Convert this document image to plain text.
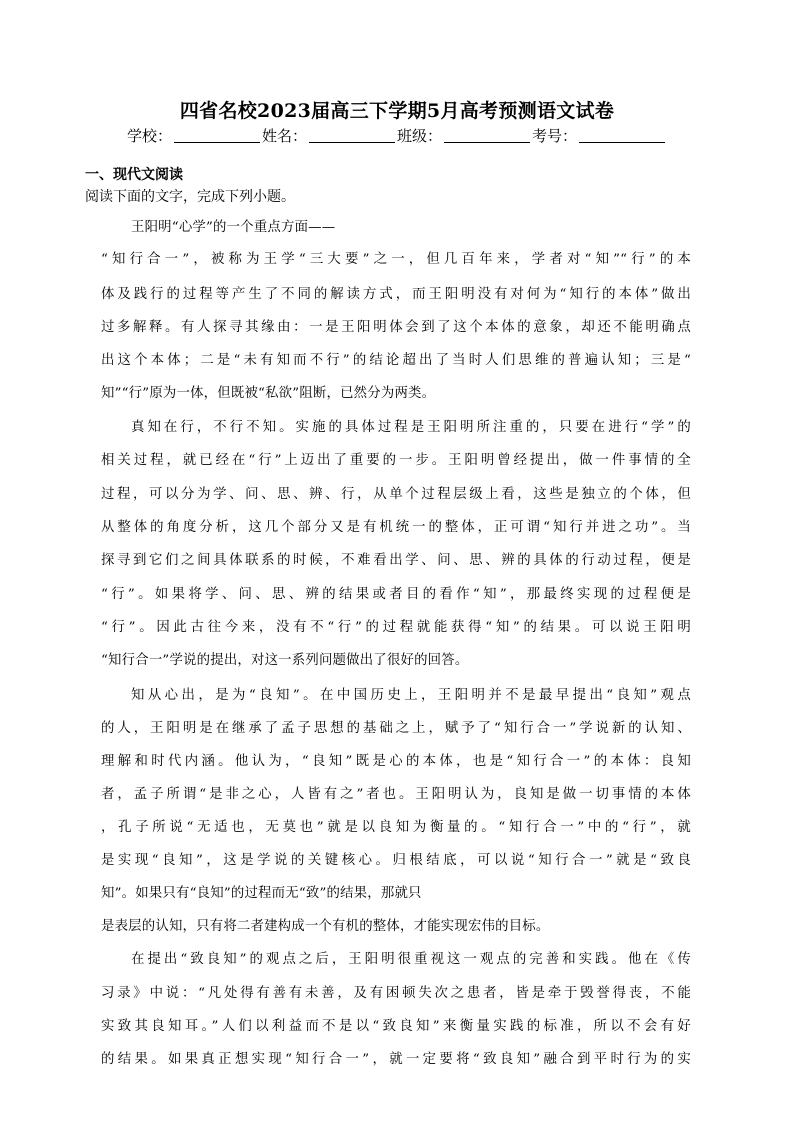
四省名校2023届高三下学期5月高考预测语文试卷
学校：	姓名：	班级：	考号：
一、现代文阅读
阅读下面的文字，完成下列小题。
王阳明“心学”的一个重点方面——
“知行合一”，被称为王学“三大要”之一，但几百年来，学者对“知”“行”的本
体及践行的过程等产生了不同的解读方式，而王阳明没有对何为“知行的本体”做出
过多解释。有人探寻其缘由：一是王阳明体会到了这个本体的意象，却还不能明确点
出这个本体；二是“未有知而不行”的结论超出了当时人们思维的普遍认知；三是“
知”“行”原为一体，但既被“私欲”阻断，已然分为两类。
真知在行，不行不知。实施的具体过程是王阳明所注重的，只要在进行“学”的
相关过程，就已经在“行”上迈出了重要的一步。王阳明曾经提出，做一件事情的全
过程，可以分为学、问、思、辨、行，从单个过程层级上看，这些是独立的个体，但
从整体的角度分析，这几个部分又是有机统一的整体，正可谓“知行并进之功”。当
探寻到它们之间具体联系的时候，不难看出学、问、思、辨的具体的行动过程，便是
“行”。如果将学、问、思、辨的结果或者目的看作“知”，那最终实现的过程便是
“行”。因此古往今来，没有不“行”的过程就能获得“知”的结果。可以说王阳明
“知行合一”学说的提出，对这一系列问题做出了很好的回答。
知从心出，是为“良知”。在中国历史上，王阳明并不是最早提出“良知”观点
的人，王阳明是在继承了孟子思想的基础之上，赋予了“知行合一”学说新的认知、
理解和时代内涵。他认为，“良知”既是心的本体，也是“知行合一”的本体：良知
者，孟子所谓“是非之心，人皆有之”者也。王阳明认为，良知是做一切事情的本体
，孔子所说“无适也，无莫也”就是以良知为衡量的。“知行合一”中的“行”，就
是实现“良知”，这是学说的关键核心。归根结底，可以说“知行合一”就是“致良
知”。如果只有“良知”的过程而无“致”的结果，那就只
是表层的认知，只有将二者建构成一个有机的整体，才能实现宏伟的目标。
在提出“致良知”的观点之后，王阳明很重视这一观点的完善和实践。他在《传
习录》中说：“凡处得有善有未善，及有困顿失次之患者，皆是牵于毁誉得丧，不能
实致其良知耳。”人们以利益而不是以“致良知”来衡量实践的标准，所以不会有好
的结果。如果真正想实现“知行合一”，就一定要将“致良知”融合到平时行为的实
